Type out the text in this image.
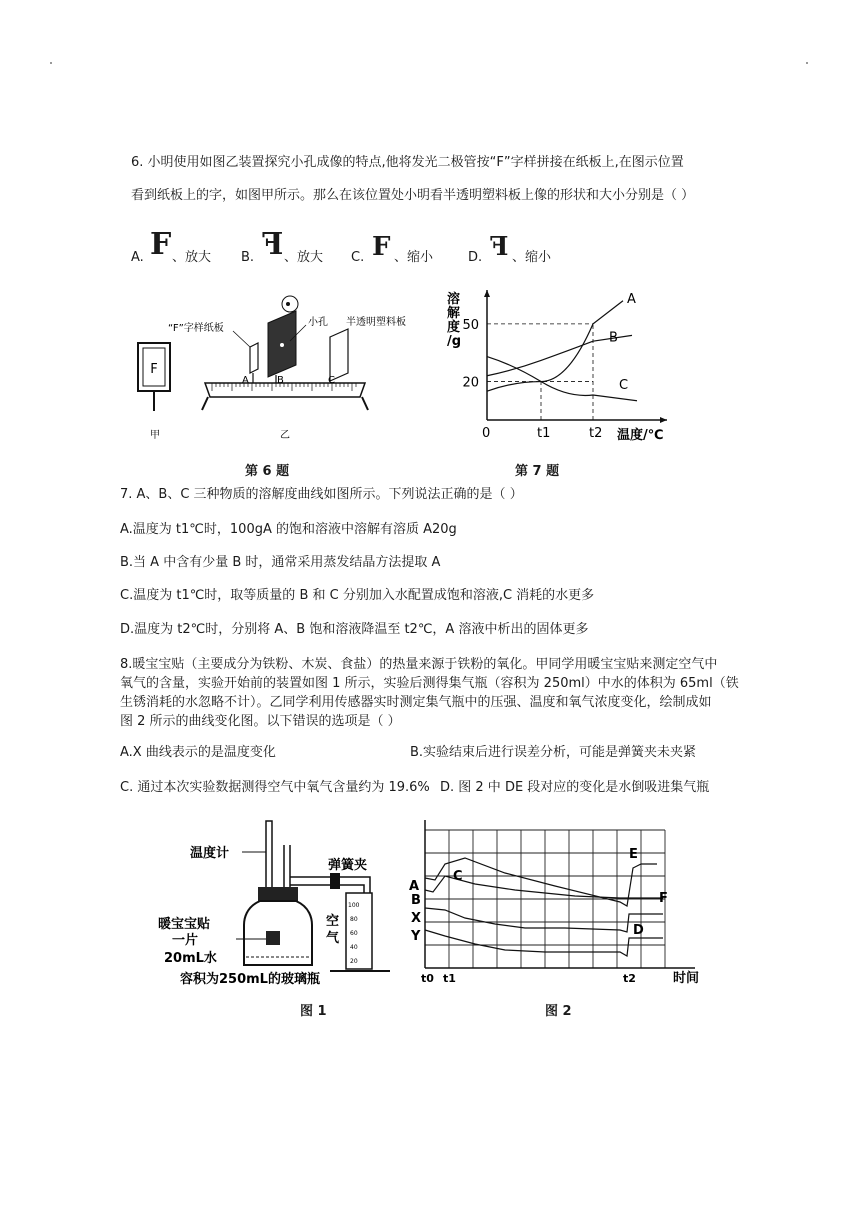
6. 小明使用如图乙装置探究小孔成像的特点,他将发光二极管按“F”字样拼接在纸板上,在图示位置
看到纸板上的字，如图甲所示。那么在该位置处小明看半透明塑料板上像的形状和大小分别是（ ）
A. F 、放大 B. F 、放大 C. F 、缩小	D. F 、缩小
F
甲	乙
A
“F”字样纸板
B
小孔
C
半透明塑料板
第 6 题
溶
解
度
/g
20
50
0	t1	t2 温度/℃
A
B
C
第 7 题
7. A、B、C 三种物质的溶解度曲线如图所示。下列说法正确的是（ ）
A.温度为 t1℃时，100gA 的饱和溶液中溶解有溶质 A20g
B.当 A 中含有少量 B 时，通常采用蒸发结晶方法提取 A
C.温度为 t1℃时，取等质量的 B 和 C 分别加入水配置成饱和溶液,C 消耗的水更多
D.温度为 t2℃时，分别将 A、B 饱和溶液降温至 t2℃，A 溶液中析出的固体更多
8.暖宝宝贴（主要成分为铁粉、木炭、食盐）的热量来源于铁粉的氧化。甲同学用暖宝宝贴来测定空气中
氧气的含量，实验开始前的装置如图 1 所示，实验后测得集气瓶（容积为 250ml）中水的体积为 65ml（铁
生锈消耗的水忽略不计）。乙同学利用传感器实时测定集气瓶中的压强、温度和氧气浓度变化，绘制成如
图 2 所示的曲线变化图。以下错误的选项是（ ）
A.X 曲线表示的是温度变化	B.实验结束后进行误差分析，可能是弹簧夹未夹紧
C. 通过本次实验数据测得空气中氧气含量约为 19.6% D. 图 2 中 DE 段对应的变化是水倒吸进集气瓶
温度计
弹簧夹
空
气
100
80
60
40
20
暖宝宝贴
一片
20mL水
容积为250mL的玻璃瓶
图 1
A
B
C
X
Y	D
E
F
t0 t1	t2	时间
图 2
